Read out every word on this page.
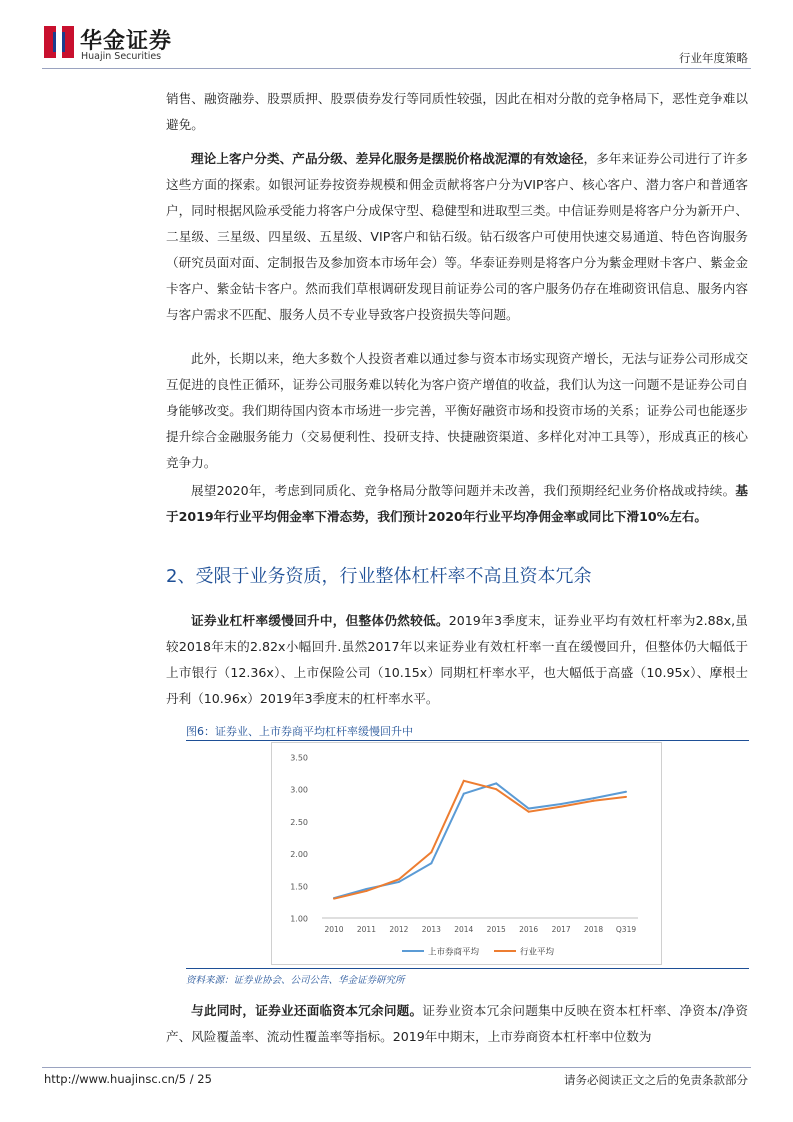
华金证券
Huajin Securities	行业年度策略
销售、融资融券、股票质押、股票债券发行等同质性较强，因此在相对分散的竞争格局下，恶性竞争难以避免。
理论上客户分类、产品分级、差异化服务是摆脱价格战泥潭的有效途径，多年来证券公司进行了许多这些方面的探索。如银河证券按资券规模和佣金贡献将客户分为VIP客户、核心客户、潜力客户和普通客户，同时根据风险承受能力将客户分成保守型、稳健型和进取型三类。中信证券则是将客户分为新开户、二星级、三星级、四星级、五星级、VIP客户和钻石级。钻石级客户可使用快速交易通道、特色咨询服务（研究员面对面、定制报告及参加资本市场年会）等。华泰证券则是将客户分为紫金理财卡客户、紫金金卡客户、紫金钻卡客户。然而我们草根调研发现目前证券公司的客户服务仍存在堆砌资讯信息、服务内容与客户需求不匹配、服务人员不专业导致客户投资损失等问题。
此外，长期以来，绝大多数个人投资者难以通过参与资本市场实现资产增长，无法与证券公司形成交互促进的良性正循环，证券公司服务难以转化为客户资产增值的收益，我们认为这一问题不是证券公司自身能够改变。我们期待国内资本市场进一步完善，平衡好融资市场和投资市场的关系；证券公司也能逐步提升综合金融服务能力（交易便利性、投研支持、快捷融资渠道、多样化对冲工具等），形成真正的核心竞争力。
展望2020年，考虑到同质化、竞争格局分散等问题并未改善，我们预期经纪业务价格战或持续。基于2019年行业平均佣金率下滑态势，我们预计2020年行业平均净佣金率或同比下滑10%左右。
2、受限于业务资质，行业整体杠杆率不高且资本冗余
证券业杠杆率缓慢回升中，但整体仍然较低。2019年3季度末，证券业平均有效杠杆率为2.88x,虽较2018年末的2.82x小幅回升.虽然2017年以来证券业有效杠杆率一直在缓慢回升，但整体仍大幅低于上市银行（12.36x）、上市保险公司（10.15x）同期杠杆率水平，也大幅低于高盛（10.95x）、摩根士丹利（10.96x）2019年3季度末的杠杆率水平。
图6：证券业、上市券商平均杠杆率缓慢回升中
1.00
1.50
2.00
2.50
3.00
3.50
2010 2011 2012 2013 2014 2015 2016 2017 2018 Q319
上市券商平均	行业平均
资料来源：证券业协会、公司公告、华金证券研究所
与此同时，证券业还面临资本冗余问题。证券业资本冗余问题集中反映在资本杠杆率、净资本/净资产、风险覆盖率、流动性覆盖率等指标。2019年中期末，上市券商资本杠杆率中位数为
http://www.huajinsc.cn/5 / 25	请务必阅读正文之后的免责条款部分
